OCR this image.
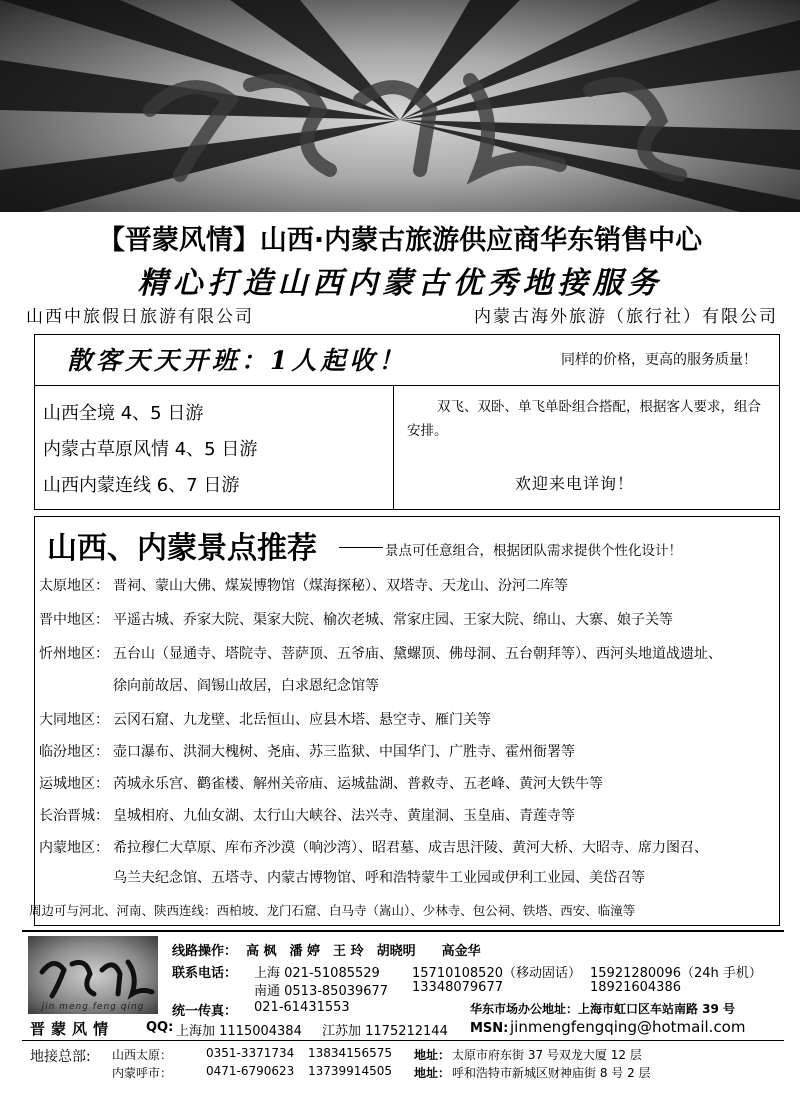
【晋蒙风情】山西·内蒙古旅游供应商华东销售中心
精心打造山西内蒙古优秀地接服务
山西中旅假日旅游有限公司	内蒙古海外旅游（旅行社）有限公司
散客天天开班：1人起收！	同样的价格，更高的服务质量！
山西全境 4、5 日游
内蒙古草原风情 4、5 日游
山西内蒙连线 6、7 日游
双飞、双卧、单飞单卧组合搭配，根据客人要求，组合安排。
欢迎来电详询！
山西、内蒙景点推荐	景点可任意组合，根据团队需求提供个性化设计！
太原地区： 晋祠、蒙山大佛、煤炭博物馆（煤海探秘）、双塔寺、天龙山、汾河二库等
晋中地区： 平遥古城、乔家大院、渠家大院、榆次老城、常家庄园、王家大院、绵山、大寨、娘子关等
忻州地区： 五台山（显通寺、塔院寺、菩萨顶、五爷庙、黛螺顶、佛母洞、五台朝拜等）、西河头地道战遗址、
徐向前故居、阎锡山故居，白求恩纪念馆等
大同地区： 云冈石窟、九龙壁、北岳恒山、应县木塔、悬空寺、雁门关等
临汾地区： 壶口瀑布、洪洞大槐树、尧庙、苏三监狱、中国华门、广胜寺、霍州衙署等
运城地区： 芮城永乐宫、鹳雀楼、解州关帝庙、运城盐湖、普救寺、五老峰、黄河大铁牛等
长治晋城： 皇城相府、九仙女湖、太行山大峡谷、法兴寺、黄崖洞、玉皇庙、青莲寺等
内蒙地区： 希拉穆仁大草原、库布齐沙漠（响沙湾）、昭君墓、成吉思汗陵、黄河大桥、大昭寺、席力图召、
乌兰夫纪念馆、五塔寺、内蒙古博物馆、呼和浩特蒙牛工业园或伊利工业园、美岱召等
周边可与河北、河南、陕西连线：西柏坡、龙门石窟、白马寺（嵩山）、少林寺、包公祠、铁塔、西安、临潼等
jin meng feng qing
线路操作： 高 枫　潘 婷　王 玲　胡晓明　　高金华
联系电话： 上海 021-51085529 15710108520（移动固话） 15921280096（24h 手机）
南通 0513-85039677 13348079677	18921604386
统一传真： 021-61431553	华东市场办公地址：上海市虹口区车站南路 39 号
晋蒙风情 QQ: 上海加 1115004384 江苏加 1175212144 MSN: jinmengfengqing@hotmail.com
地接总部: 山西太原：	0351-3371734 13834156575 地址： 太原市府东街 37 号双龙大厦 12 层
内蒙呼市：	0471-6790623 13739914505 地址： 呼和浩特市新城区财神庙街 8 号 2 层
